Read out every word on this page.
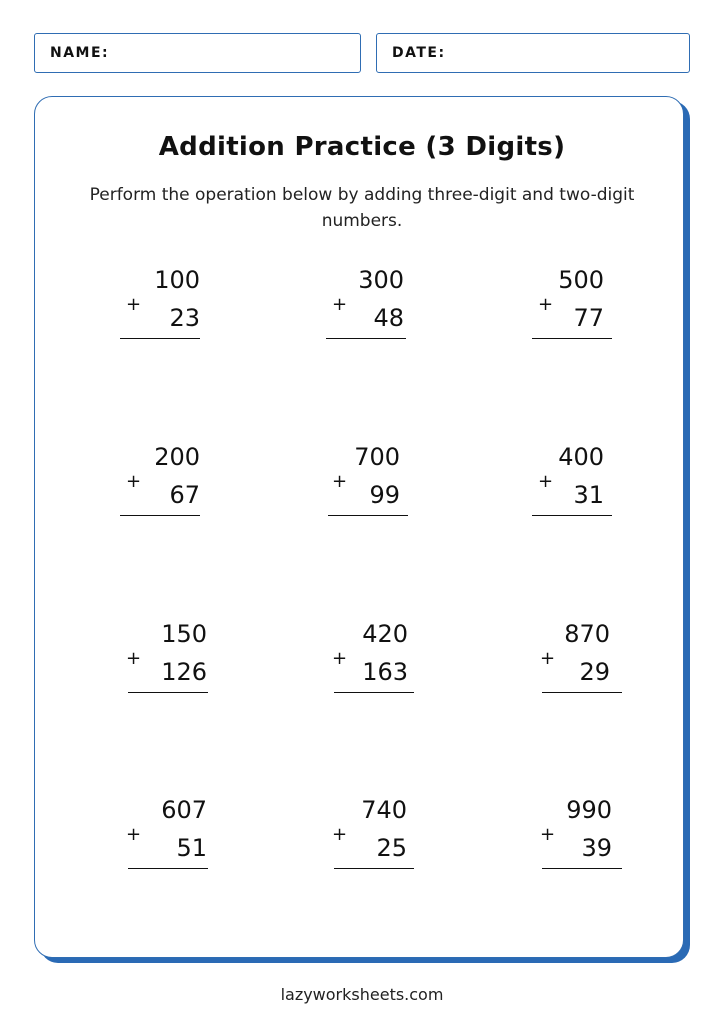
NAME:	DATE:
Addition Practice (3 Digits)
Perform the operation below by adding three-digit and two-digit numbers.
+
100
23	+
300
48	+
500
77
+
200
67	+
700
99	+
400
31
+
150
126	+
420
163	+
870
29
+
607
51	+
740
25	+
990
39
lazyworksheets.com
